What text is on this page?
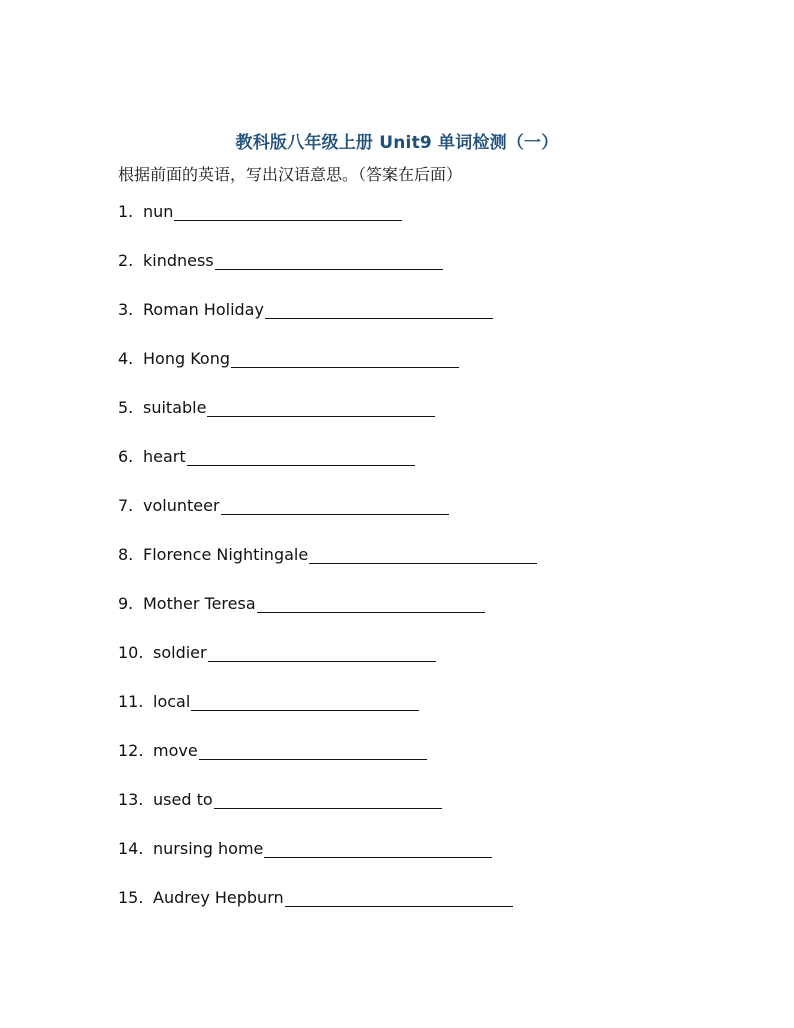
教科版八年级上册 Unit9 单词检测（一）
根据前面的英语，写出汉语意思。（答案在后面）
1. nun
2. kindness
3. Roman Holiday
4. Hong Kong
5. suitable
6. heart
7. volunteer
8. Florence Nightingale
9. Mother Teresa
10. soldier
11. local
12. move
13. used to
14. nursing home
15. Audrey Hepburn
